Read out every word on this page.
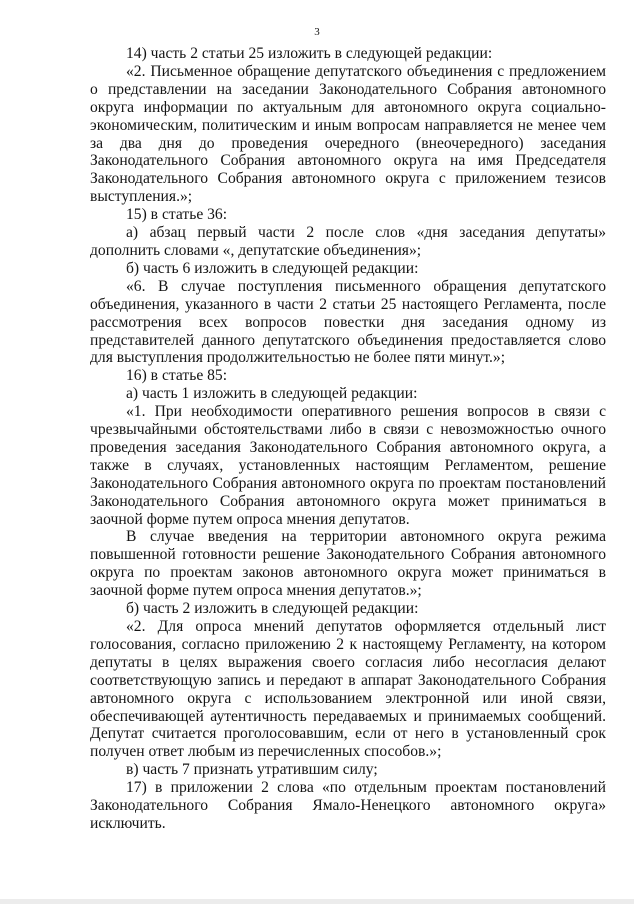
3

14) часть 2 статьи 25 изложить в следующей редакции:

«2. Письменное обращение депутатского объединения с предложением о представлении на заседании Законодательного Собрания автономного округа информации по актуальным для автономного округа социально-экономическим, политическим и иным вопросам направляется не менее чем за два дня до проведения очередного (внеочередного) заседания Законодательного Собрания автономного округа на имя Председателя Законодательного Собрания автономного округа с приложением тезисов выступления.»;

15) в статье 36:

а) абзац первый части 2 после слов «дня заседания депутаты» дополнить словами «, депутатские объединения»;

б) часть 6 изложить в следующей редакции:

«6. В случае поступления письменного обращения депутатского объединения, указанного в части 2 статьи 25 настоящего Регламента, после рассмотрения всех вопросов повестки дня заседания одному из представителей данного депутатского объединения предоставляется слово для выступления продолжительностью не более пяти минут.»;

16) в статье 85:

а) часть 1 изложить в следующей редакции:

«1. При необходимости оперативного решения вопросов в связи с чрезвычайными обстоятельствами либо в связи с невозможностью очного проведения заседания Законодательного Собрания автономного округа, а также в случаях, установленных настоящим Регламентом, решение Законодательного Собрания автономного округа по проектам постановлений Законодательного Собрания автономного округа может приниматься в заочной форме путем опроса мнения депутатов.

В случае введения на территории автономного округа режима повышенной готовности решение Законодательного Собрания автономного округа по проектам законов автономного округа может приниматься в заочной форме путем опроса мнения депутатов.»;

б) часть 2 изложить в следующей редакции:

«2. Для опроса мнений депутатов оформляется отдельный лист голосования, согласно приложению 2 к настоящему Регламенту, на котором депутаты в целях выражения своего согласия либо несогласия делают соответствующую запись и передают в аппарат Законодательного Собрания автономного округа с использованием электронной или иной связи, обеспечивающей аутентичность передаваемых и принимаемых сообщений. Депутат считается проголосовавшим, если от него в установленный срок получен ответ любым из перечисленных способов.»;

в) часть 7 признать утратившим силу;

17) в приложении 2 слова «по отдельным проектам постановлений Законодательного Собрания Ямало-Ненецкого автономного округа» исключить.
